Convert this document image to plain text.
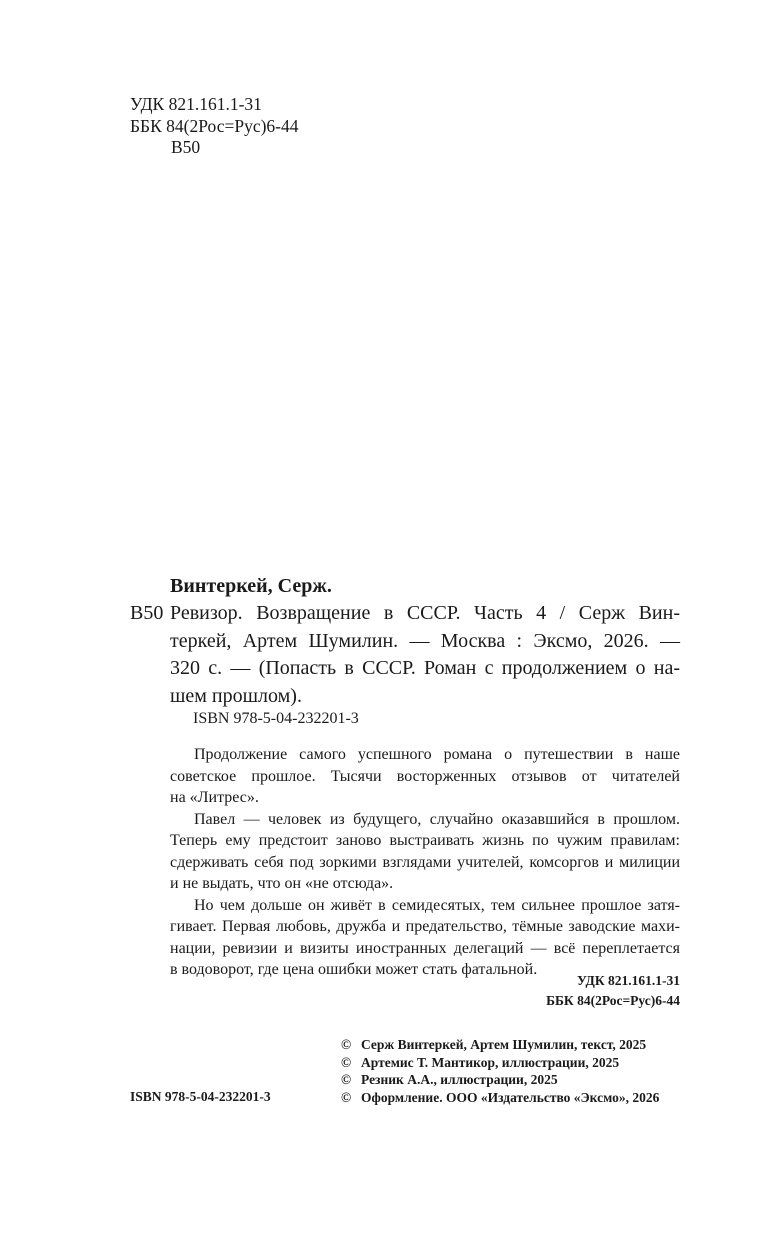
УДК 821.161.1-31
ББК 84(2Рос=Рус)6-44
В50
Винтеркей, Серж.
В50 Ревизор. Возвращение в СССР. Часть 4 / Серж Вин-
теркей, Артем Шумилин. — Москва : Эксмо, 2026. —
320 с. — (Попасть в СССР. Роман с продолжением о на-
шем прошлом).
ISBN 978-5-04-232201-3
Продолжение самого успешного романа о путешествии в наше
советское прошлое. Тысячи восторженных отзывов от читателей
на «Литрес».
Павел — человек из будущего, случайно оказавшийся в прошлом.
Теперь ему предстоит заново выстраивать жизнь по чужим правилам:
сдерживать себя под зоркими взглядами учителей, комсоргов и милиции
и не выдать, что он «не отсюда».
Но чем дольше он живёт в семидесятых, тем сильнее прошлое затя-
гивает. Первая любовь, дружба и предательство, тёмные заводские махи-
нации, ревизии и визиты иностранных делегаций — всё переплетается
в водоворот, где цена ошибки может стать фатальной.
УДК 821.161.1-31
ББК 84(2Рос=Рус)6-44
© Серж Винтеркей, Артем Шумилин, текст, 2025
© Артемис Т. Мантикор, иллюстрации, 2025
© Резник А.А., иллюстрации, 2025
© Оформление. ООО «Издательство «Эксмо», 2026
ISBN 978-5-04-232201-3
